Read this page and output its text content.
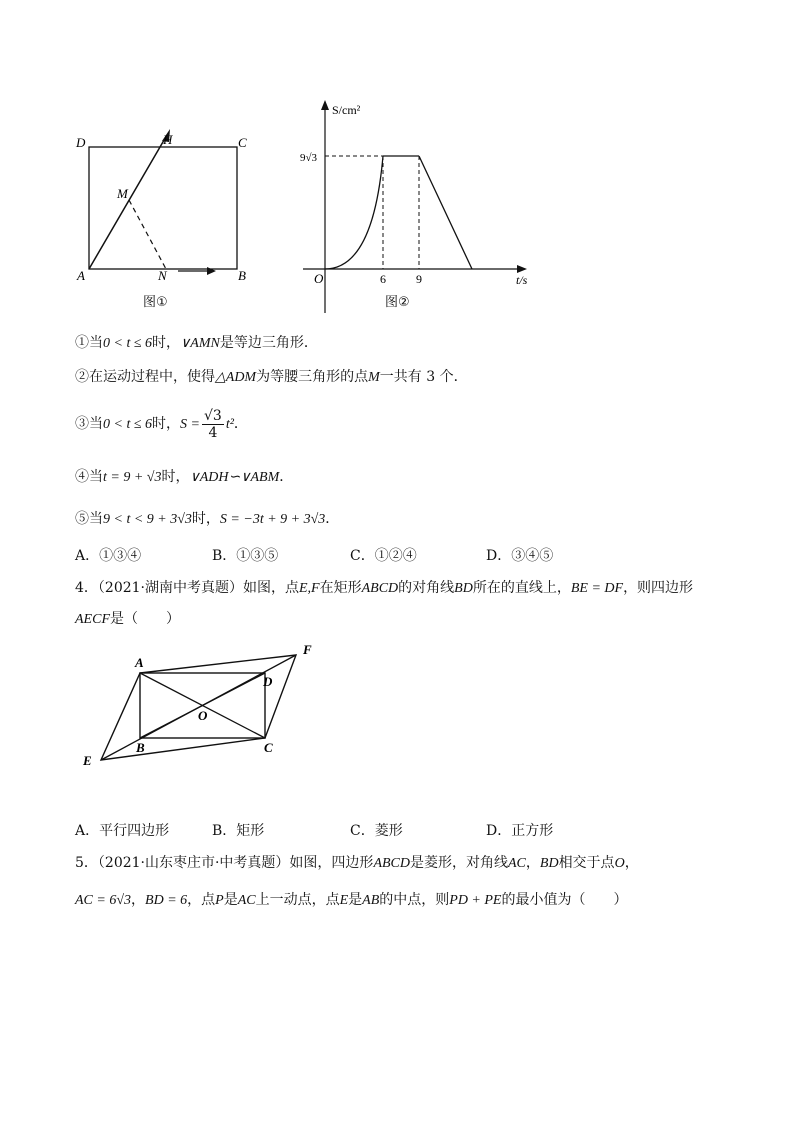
D	H	C
M
A	N	B
图①
S/cm²
9√3
O	6	9	t/s
图②
①当0 < t ≤ 6时，∨AMN是等边三角形．
②在运动过程中，使得△ADM为等腰三角形的点M一共有 3 个．
③当0 < t ≤ 6时，$S = \frac{√3}{4} t^2$．
④当t = 9 + √3时，∨ADH∽∨ABM．
⑤当9 < t < 9 + 3√3时，S = −3t + 9 + 3√3．
A．①③④	B．①③⑤	C．①②④	D．③④⑤
4．（2021·湖南中考真题）如图，点E,F在矩形ABCD的对角线BD所在的直线上，BE = DF，则四边形
AECF是（　　）
A
F
D
O
E
B	C
A．平行四边形	B．矩形	C．菱形	D．正方形
5．（2021·山东枣庄市·中考真题）如图，四边形ABCD是菱形，对角线AC，BD相交于点O，
AC = 6√3，BD = 6，点P是AC上一动点，点E是AB的中点，则PD + PE的最小值为（　　）
